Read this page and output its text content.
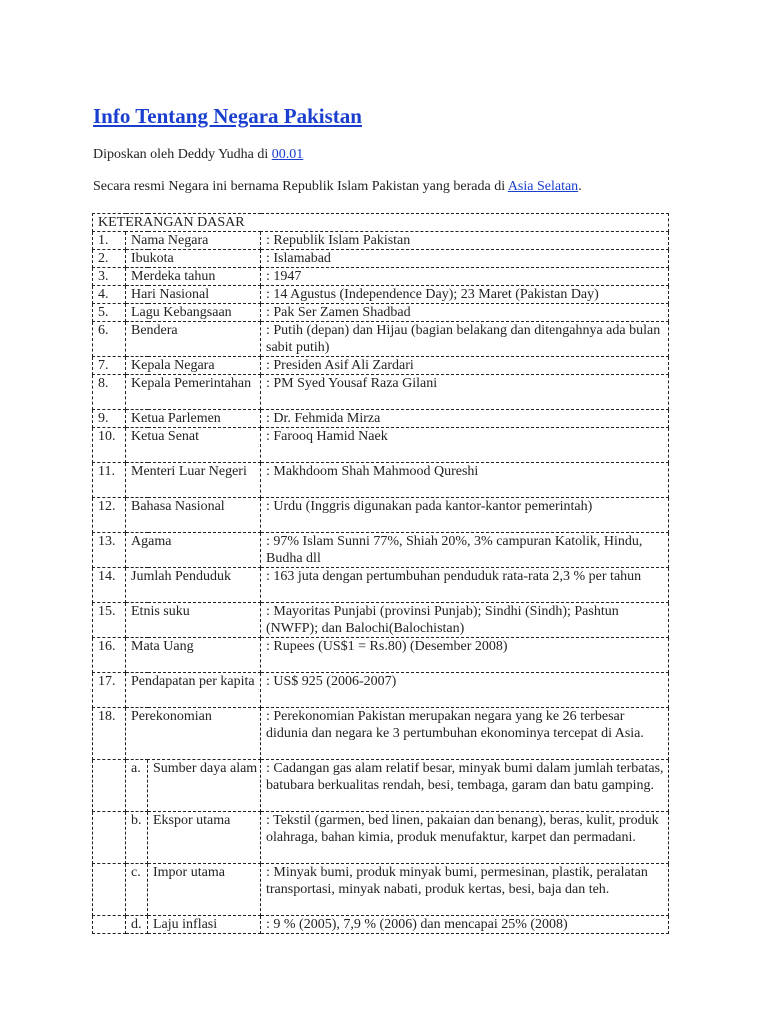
Info Tentang Negara Pakistan
Diposkan oleh Deddy Yudha di 00.01
Secara resmi Negara ini bernama Republik Islam Pakistan yang berada di Asia Selatan.
KETERANGAN DASAR			
1.	Nama Negara		: Republik Islam Pakistan
2.	Ibukota		: Islamabad
3.	Merdeka tahun		: 1947
4.	Hari Nasional		: 14 Agustus (Independence Day); 23 Maret (Pakistan Day)
5.	Lagu Kebangsaan		: Pak Ser Zamen Shadbad
6.	Bendera		: Putih (depan) dan Hijau (bagian belakang dan ditengahnya ada bulan sabit putih)
7.	Kepala Negara		: Presiden Asif Ali Zardari
8.	Kepala Pemerintahan		: PM Syed Yousaf Raza Gilani
9.	Ketua Parlemen		: Dr. Fehmida Mirza
10.	Ketua Senat		: Farooq Hamid Naek
11.	Menteri Luar Negeri		: Makhdoom Shah Mahmood Qureshi
12.	Bahasa Nasional		: Urdu (Inggris digunakan pada kantor-kantor pemerintah)
13.	Agama		: 97% Islam Sunni 77%, Shiah 20%, 3% campuran Katolik, Hindu, Budha dll
14.	Jumlah Penduduk		: 163 juta dengan pertumbuhan penduduk rata-rata 2,3 % per tahun
15.	Etnis suku		: Mayoritas Punjabi (provinsi Punjab); Sindhi (Sindh); Pashtun (NWFP); dan Balochi(Balochistan)
16.	Mata Uang		: Rupees (US$1 = Rs.80) (Desember 2008)
17.	Pendapatan per kapita		: US$ 925 (2006-2007)
18.	Perekonomian		: Perekonomian Pakistan merupakan negara yang ke 26 terbesar didunia dan negara ke 3 pertumbuhan ekonominya tercepat di Asia.
	a.	Sumber daya alam	: Cadangan gas alam relatif besar, minyak bumi dalam jumlah terbatas, batubara berkualitas rendah, besi, tembaga, garam dan batu gamping.
	b.	Ekspor utama	: Tekstil (garmen, bed linen, pakaian dan benang), beras, kulit, produk olahraga, bahan kimia, produk menufaktur, karpet dan permadani.
	c.	Impor utama	: Minyak bumi, produk minyak bumi, permesinan, plastik, peralatan transportasi, minyak nabati, produk kertas, besi, baja dan teh.
	d.	Laju inflasi	: 9 % (2005), 7,9 % (2006) dan mencapai 25% (2008)
